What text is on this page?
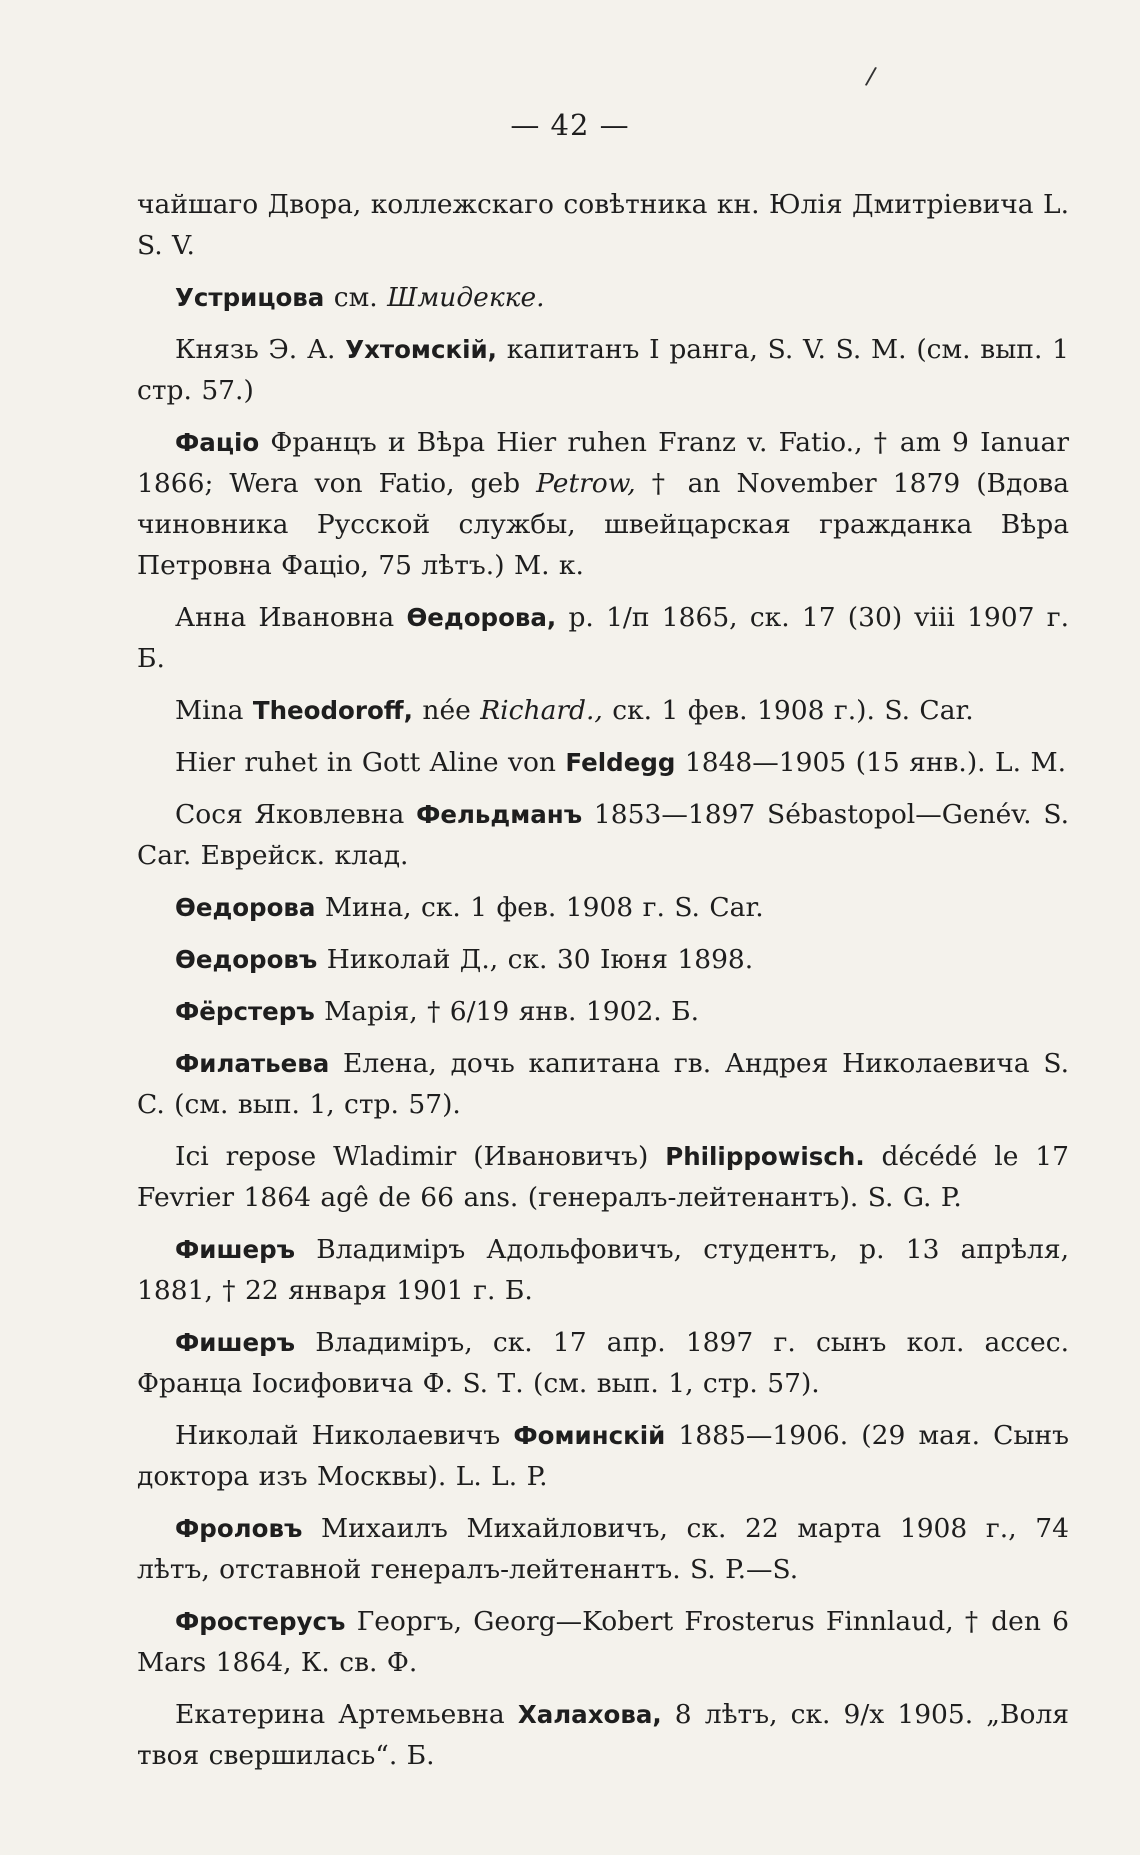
/
— 42 —

чайшаго Двора, коллежскаго совѣтника кн. Юлія Дмитріевича L. S. V.

Устрицова см. Шмидекке.

Князь Э. А. Ухтомскій, капитанъ I ранга, S. V. S. M. (см. вып. 1 стр. 57.)

Фаціо Францъ и Вѣра Hier ruhen Franz v. Fatio., † am 9 Ianuar 1866; Wera von Fatio, geb Petrow, † an November 1879 (Вдова чиновника Русской службы, швейцарская гражданка Вѣра Петровна Фаціо, 75 лѣтъ.) M. к.

Анна Ивановна Ѳедорова, р. 1/п 1865, ск. 17 (30) viii 1907 г. Б.

Mina Theodoroff, née Richard., ск. 1 фев. 1908 г.). S. Car.

Hier ruhet in Gott Aline von Feldegg 1848—1905 (15 янв.). L. M.

Сося Яковлевна Фельдманъ 1853—1897 Sébastopol—Genév. S. Car. Еврейск. клад.

Ѳедорова Мина, ск. 1 фев. 1908 г. S. Car.

Ѳедоровъ Николай Д., ск. 30 Іюня 1898.

Фёрстеръ Марія, † 6/19 янв. 1902. Б.

Филатьева Елена, дочь капитана гв. Андрея Николаевича S. C. (см. вып. 1, стр. 57).

Ici repose Wladimir (Ивановичъ) Philippowisch. décédé le 17 Fevrier 1864 agê de 66 ans. (генералъ-лейтенантъ). S. G. P.

Фишеръ Владиміръ Адольфовичъ, студентъ, р. 13 апрѣля, 1881, † 22 января 1901 г. Б.

Фишеръ Владиміръ, ск. 17 апр. 1897 г. сынъ кол. ассес. Франца Іосифовича Ф. S. Т. (см. вып. 1, стр. 57).

Николай Николаевичъ Фоминскій 1885—1906. (29 мая. Сынъ доктора изъ Москвы). L. L. P.

Фроловъ Михаилъ Михайловичъ, ск. 22 марта 1908 г., 74 лѣтъ, отставной генералъ-лейтенантъ. S. P.—S.

Фростерусъ Георгъ, Georg—Kobert Frosterus Finnlaud, † den 6 Mars 1864, К. св. Ф.

Екатерина Артемьевна Халахова, 8 лѣтъ, ск. 9/х 1905. „Воля твоя свершилась“. Б.
